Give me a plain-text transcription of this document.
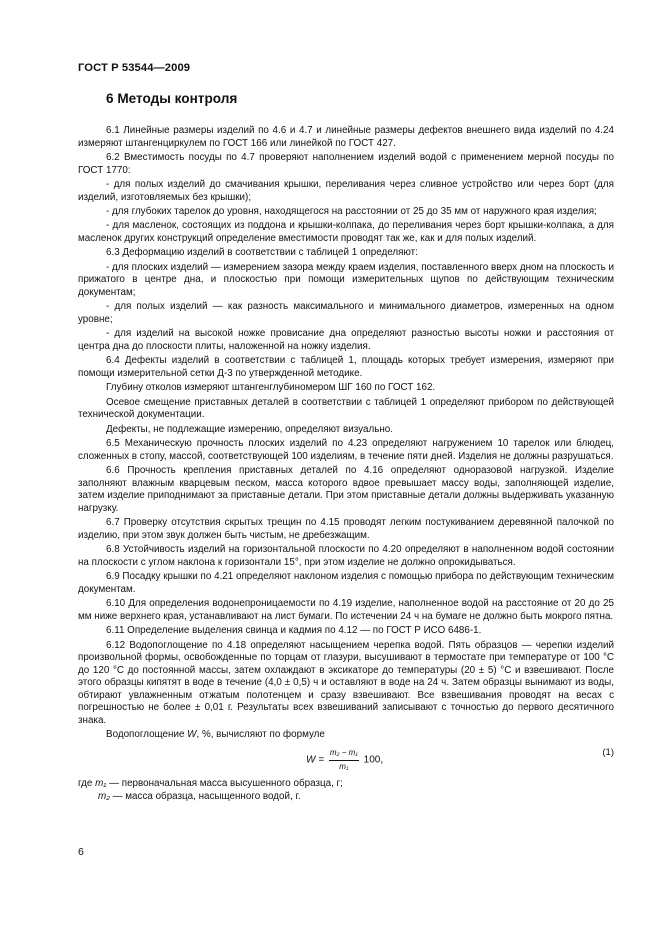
ГОСТ Р 53544—2009
6 Методы контроля

6.1 Линейные размеры изделий по 4.6 и 4.7 и линейные размеры дефектов внешнего вида изделий по 4.24 измеряют штангенциркулем по ГОСТ 166 или линейкой по ГОСТ 427.

6.2 Вместимость посуды по 4.7 проверяют наполнением изделий водой с применением мерной посуды по ГОСТ 1770:

- для полых изделий до смачивания крышки, переливания через сливное устройство или через борт (для изделий, изготовляемых без крышки);

- для глубоких тарелок до уровня, находящегося на расстоянии от 25 до 35 мм от наружного края изделия;

- для масленок, состоящих из поддона и крышки-колпака, до переливания через борт крышки-колпака, а для масленок других конструкций определение вместимости проводят так же, как и для полых изделий.

6.3 Деформацию изделий в соответствии с таблицей 1 определяют:

- для плоских изделий — измерением зазора между краем изделия, поставленного вверх дном на плоскость и прижатого в центре дна, и плоскостью при помощи измерительных щупов по действующим техническим документам;

- для полых изделий — как разность максимального и минимального диаметров, измеренных на одном уровне;

- для изделий на высокой ножке провисание дна определяют разностью высоты ножки и расстояния от центра дна до плоскости плиты, наложенной на ножку изделия.

6.4 Дефекты изделий в соответствии с таблицей 1, площадь которых требует измерения, измеряют при помощи измерительной сетки Д-3 по утвержденной методике.

Глубину отколов измеряют штангенглубиномером ШГ 160 по ГОСТ 162.

Осевое смещение приставных деталей в соответствии с таблицей 1 определяют прибором по действующей технической документации.

Дефекты, не подлежащие измерению, определяют визуально.

6.5 Механическую прочность плоских изделий по 4.23 определяют нагружением 10 тарелок или блюдец, сложенных в стопу, массой, соответствующей 100 изделиям, в течение пяти дней. Изделия не должны разрушаться.

6.6 Прочность крепления приставных деталей по 4.16 определяют одноразовой нагрузкой. Изделие заполняют влажным кварцевым песком, масса которого вдвое превышает массу воды, заполняющей изделие, затем изделие приподнимают за приставные детали. При этом приставные детали должны выдерживать указанную нагрузку.

6.7 Проверку отсутствия скрытых трещин по 4.15 проводят легким постукиванием деревянной палочкой по изделию, при этом звук должен быть чистым, не дребезжащим.

6.8 Устойчивость изделий на горизонтальной плоскости по 4.20 определяют в наполненном водой состоянии на плоскости с углом наклона к горизонтали 15°, при этом изделие не должно опрокидываться.

6.9 Посадку крышки по 4.21 определяют наклоном изделия с помощью прибора по действующим техническим документам.

6.10 Для определения водонепроницаемости по 4.19 изделие, наполненное водой на расстояние от 20 до 25 мм ниже верхнего края, устанавливают на лист бумаги. По истечении 24 ч на бумаге не должно быть мокрого пятна.

6.11 Определение выделения свинца и кадмия по 4.12 — по ГОСТ Р ИСО 6486-1.

6.12 Водопоглощение по 4.18 определяют насыщением черепка водой. Пять образцов — черепки изделий произвольной формы, освобожденные по торцам от глазури, высушивают в термостате при температуре от 100 °С до 120 °С до постоянной массы, затем охлаждают в эксикаторе до температуры (20 ± 5) °С и взвешивают. После этого образцы кипятят в воде в течение (4,0 ± 0,5) ч и оставляют в воде на 24 ч. Затем образцы вынимают из воды, обтирают увлажненным отжатым полотенцем и сразу взвешивают. Все взвешивания проводят на весах с погрешностью не более ± 0,01 г. Результаты всех взвешиваний записывают с точностью до первого десятичного знака.

Водопоглощение W, %, вычисляют по формуле

$W = \frac{\text{m₂ − m₁}}{\text{m₁}} 100$,
(1)

где m₁ — первоначальная масса высушенного образца, г;

m₂ — масса образца, насыщенного водой, г.

6
